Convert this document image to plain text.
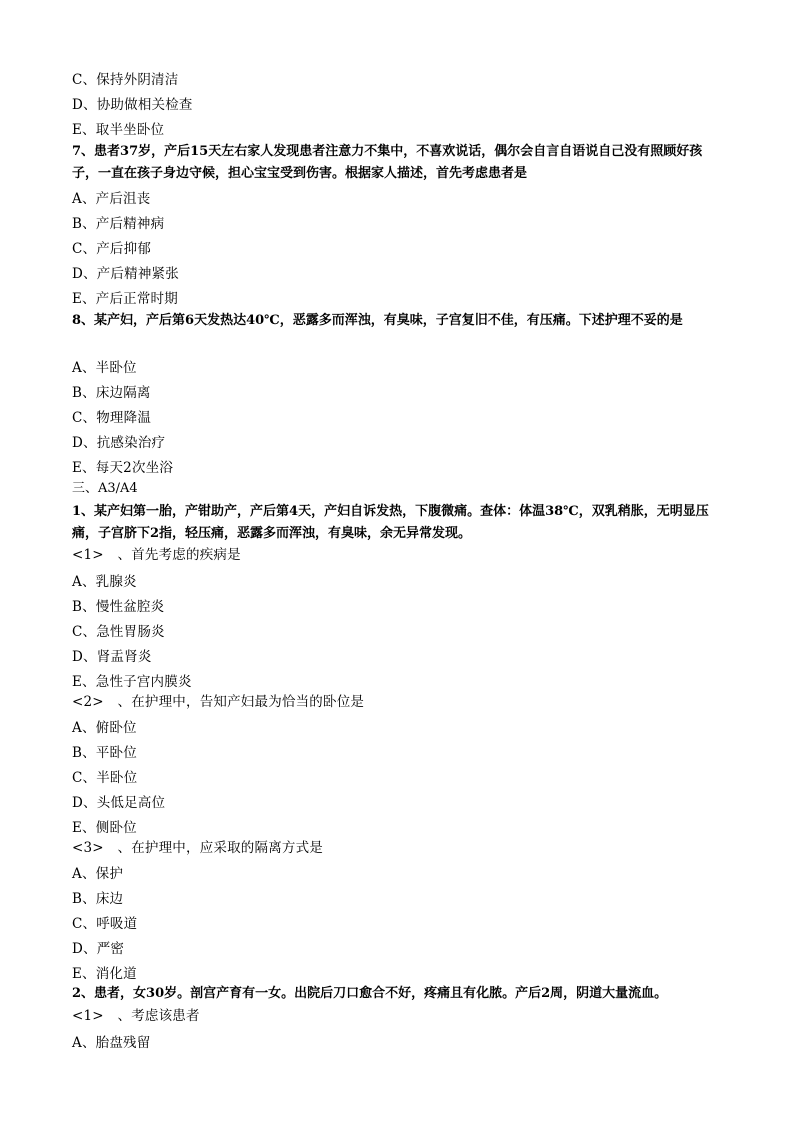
C、保持外阴清洁
D、协助做相关检查
E、取半坐卧位
7、患者37岁，产后15天左右家人发现患者注意力不集中，不喜欢说话，偶尔会自言自语说自己没有照顾好孩子，一直在孩子身边守候，担心宝宝受到伤害。根据家人描述，首先考虑患者是
A、产后沮丧
B、产后精神病
C、产后抑郁
D、产后精神紧张
E、产后正常时期
8、某产妇，产后第6天发热达40℃，恶露多而浑浊，有臭味，子宫复旧不佳，有压痛。下述护理不妥的是
A、半卧位
B、床边隔离
C、物理降温
D、抗感染治疗
E、每天2次坐浴
三、A3/A4
1、某产妇第一胎，产钳助产，产后第4天，产妇自诉发热，下腹微痛。查体：体温38℃，双乳稍胀，无明显压痛，子宫脐下2指，轻压痛，恶露多而浑浊，有臭味，余无异常发现。
<1>　、首先考虑的疾病是
A、乳腺炎
B、慢性盆腔炎
C、急性胃肠炎
D、肾盂肾炎
E、急性子宫内膜炎
<2>　、在护理中，告知产妇最为恰当的卧位是
A、俯卧位
B、平卧位
C、半卧位
D、头低足高位
E、侧卧位
<3>　、在护理中，应采取的隔离方式是
A、保护
B、床边
C、呼吸道
D、严密
E、消化道
2、患者，女30岁。剖宫产育有一女。出院后刀口愈合不好，疼痛且有化脓。产后2周，阴道大量流血。
<1>　、考虑该患者
A、胎盘残留
